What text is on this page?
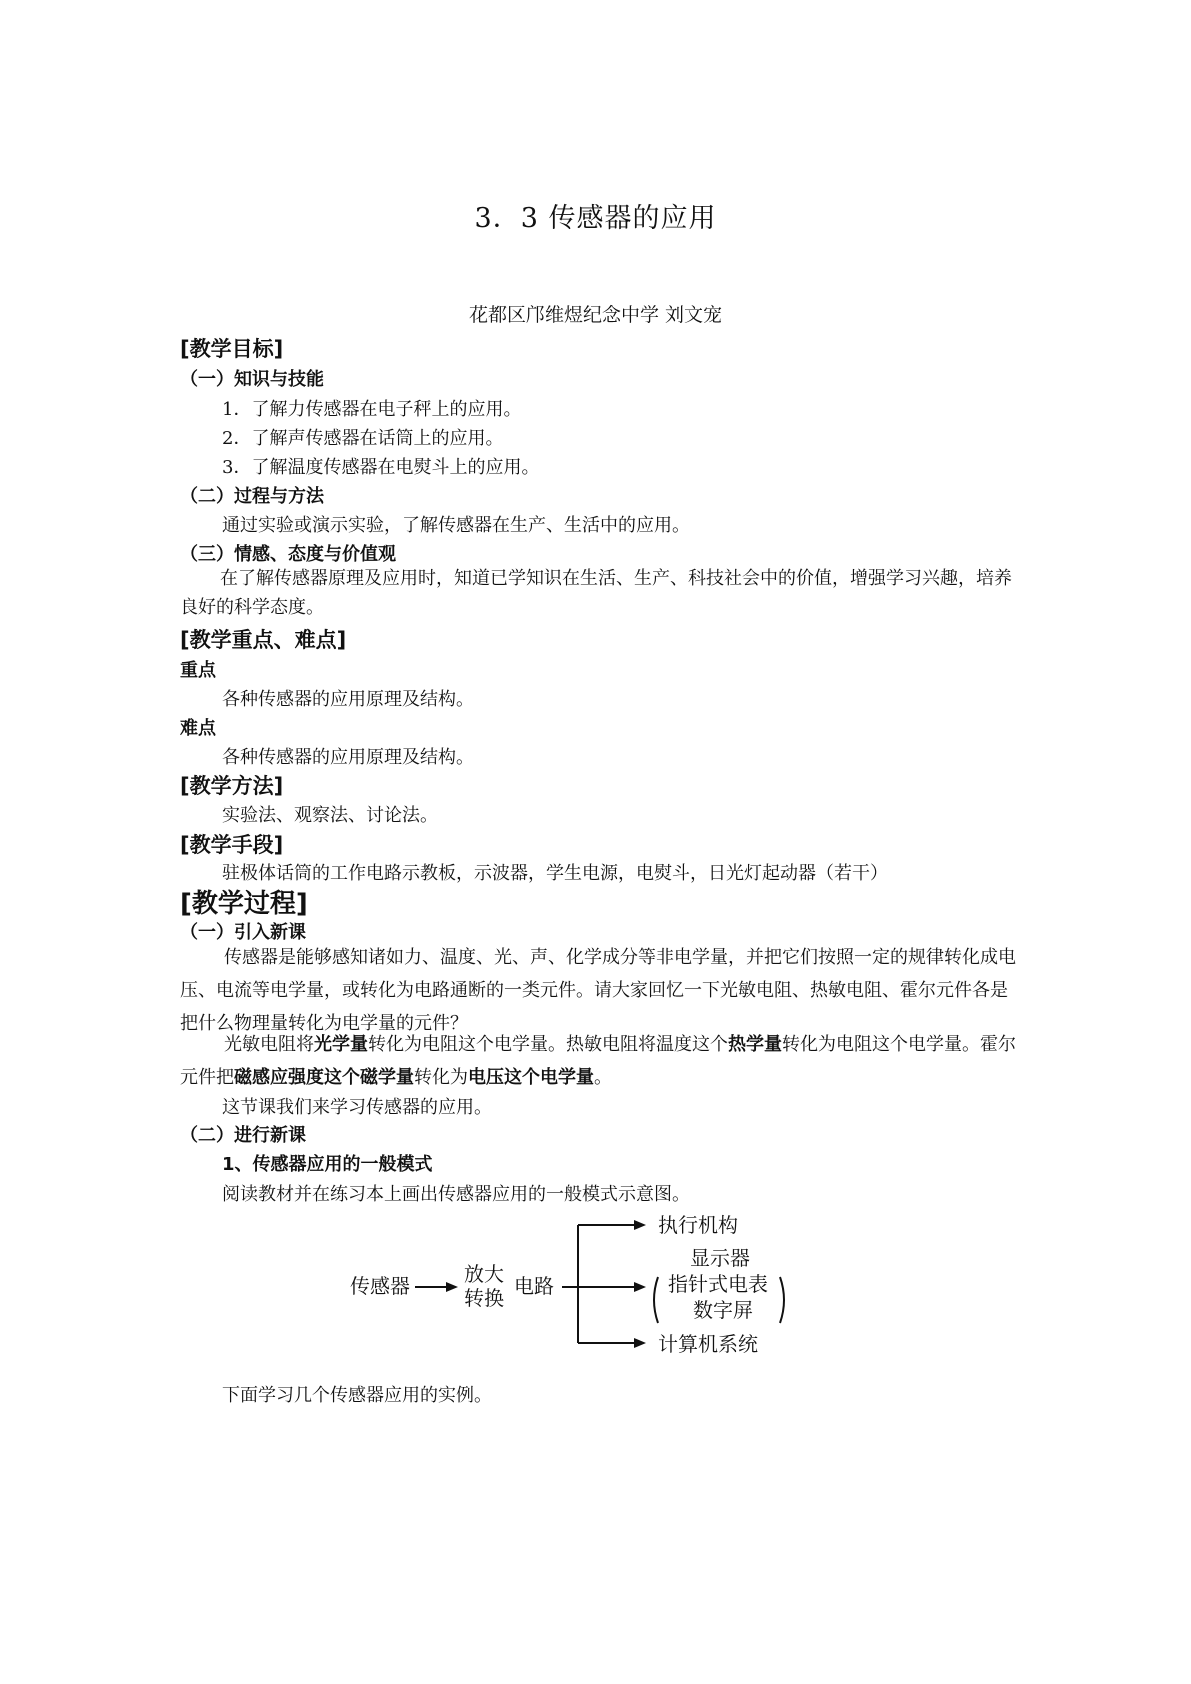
3．3 传感器的应用
花都区邝维煜纪念中学 刘文宠
[教学目标]
（一）知识与技能
1．了解力传感器在电子秤上的应用。
2．了解声传感器在话筒上的应用。
3．了解温度传感器在电熨斗上的应用。
（二）过程与方法
通过实验或演示实验，了解传感器在生产、生活中的应用。
（三）情感、态度与价值观
在了解传感器原理及应用时，知道已学知识在生活、生产、科技社会中的价值，增强学习兴趣，培养良好的科学态度。
[教学重点、难点]
重点
各种传感器的应用原理及结构。
难点
各种传感器的应用原理及结构。
[教学方法]
实验法、观察法、讨论法。
[教学手段]
驻极体话筒的工作电路示教板，示波器，学生电源，电熨斗，日光灯起动器（若干）
[教学过程]
（一）引入新课
传感器是能够感知诸如力、温度、光、声、化学成分等非电学量，并把它们按照一定的规律转化成电压、电流等电学量，或转化为电路通断的一类元件。请大家回忆一下光敏电阻、热敏电阻、霍尔元件各是把什么物理量转化为电学量的元件？
光敏电阻将光学量转化为电阻这个电学量。热敏电阻将温度这个热学量转化为电阻这个电学量。霍尔元件把磁感应强度这个磁学量转化为电压这个电学量。
这节课我们来学习传感器的应用。
（二）进行新课
1、传感器应用的一般模式
阅读教材并在练习本上画出传感器应用的一般模式示意图。
传感器	放大
转换 电路
执行机构
显示器
指针式电表
数字屏
计算机系统
下面学习几个传感器应用的实例。
